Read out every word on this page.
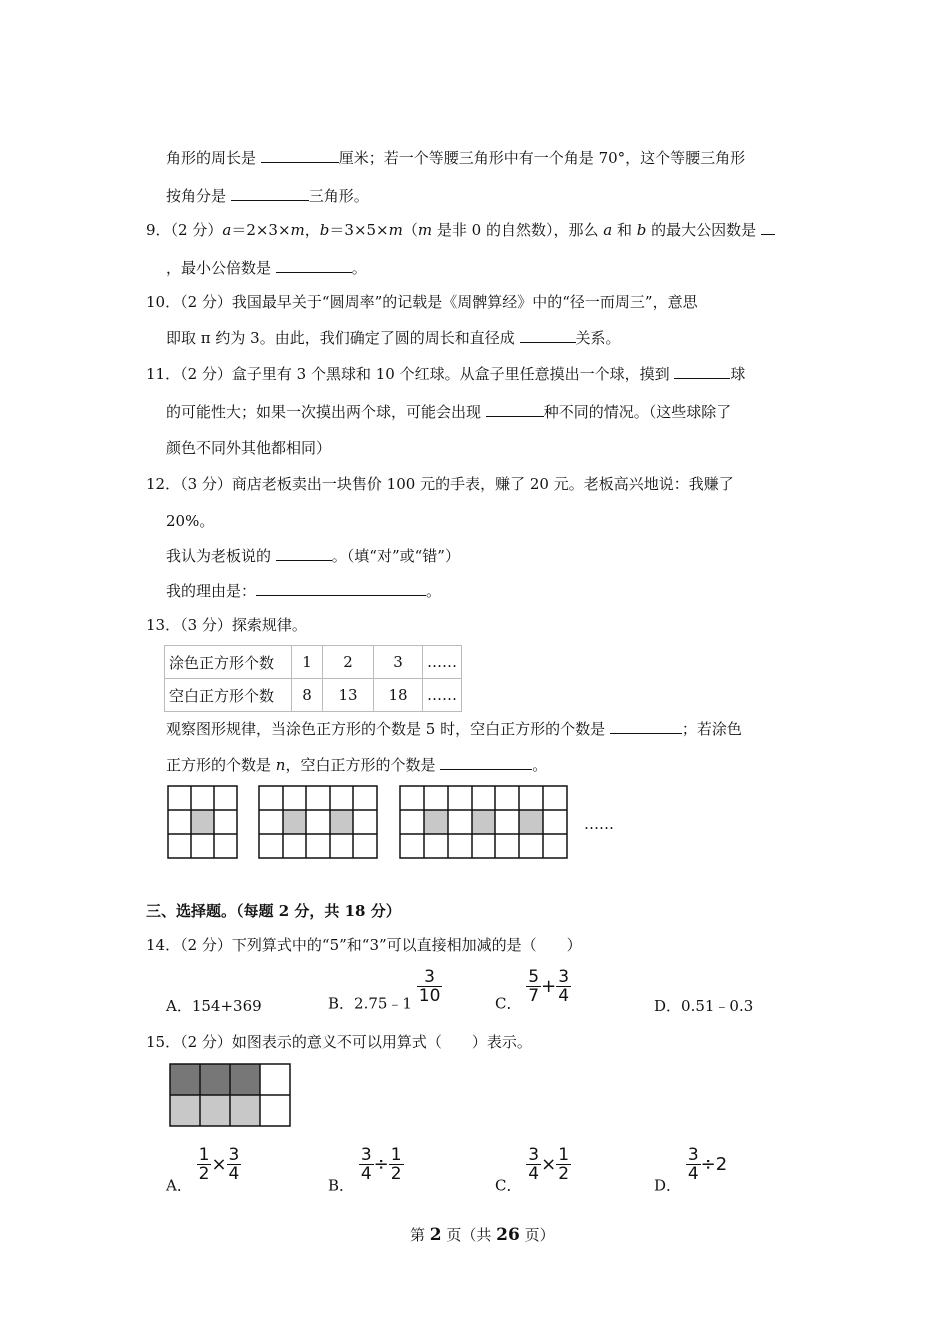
角形的周长是	厘米；若一个等腰三角形中有一个角是 70°，这个等腰三角形
按角分是	三角形。
9．（2 分）a＝2×3×m，b＝3×5×m（m 是非 0 的自然数），那么 a 和 b 的最大公因数是
，最小公倍数是	。
10．（2 分）我国最早关于“圆周率”的记载是《周髀算经》中的“径一而周三”，意思
即取 π 约为 3。由此，我们确定了圆的周长和直径成	关系。
11．（2 分）盒子里有 3 个黑球和 10 个红球。从盒子里任意摸出一个球，摸到	球
的可能性大；如果一次摸出两个球，可能会出现	种不同的情况。（这些球除了
颜色不同外其他都相同）
12．（3 分）商店老板卖出一块售价 100 元的手表，赚了 20 元。老板高兴地说：我赚了
20%。
我认为老板说的	。（填“对”或“错”）
我的理由是：	。
13．（3 分）探索规律。
涂色正方形个数	1	2	3	……
空白正方形个数	8	13	18	……
观察图形规律，当涂色正方形的个数是 5 时，空白正方形的个数是	；若涂色
正方形的个数是 n，空白正方形的个数是	。
……
三、选择题。（每题 2 分，共 18 分）
14．（2 分）下列算式中的“5”和“3”可以直接相加减的是（　　）
A．154+369	B．2.75﹣1 $\frac{3}{10}$	C． $\frac{5}{7} + \frac{3}{4}$
D．0.51﹣0.3
15．（2 分）如图表示的意义不可以用算式（　　）表示。
A．
$\frac{1}{2} \times \frac{3}{4}$
B．
$\frac{3}{4} \div \frac{1}{2}$
C．
$\frac{3}{4} \times \frac{1}{2}$
D．
$\frac{3}{4} \div 2$
第 2 页（共 26 页）
